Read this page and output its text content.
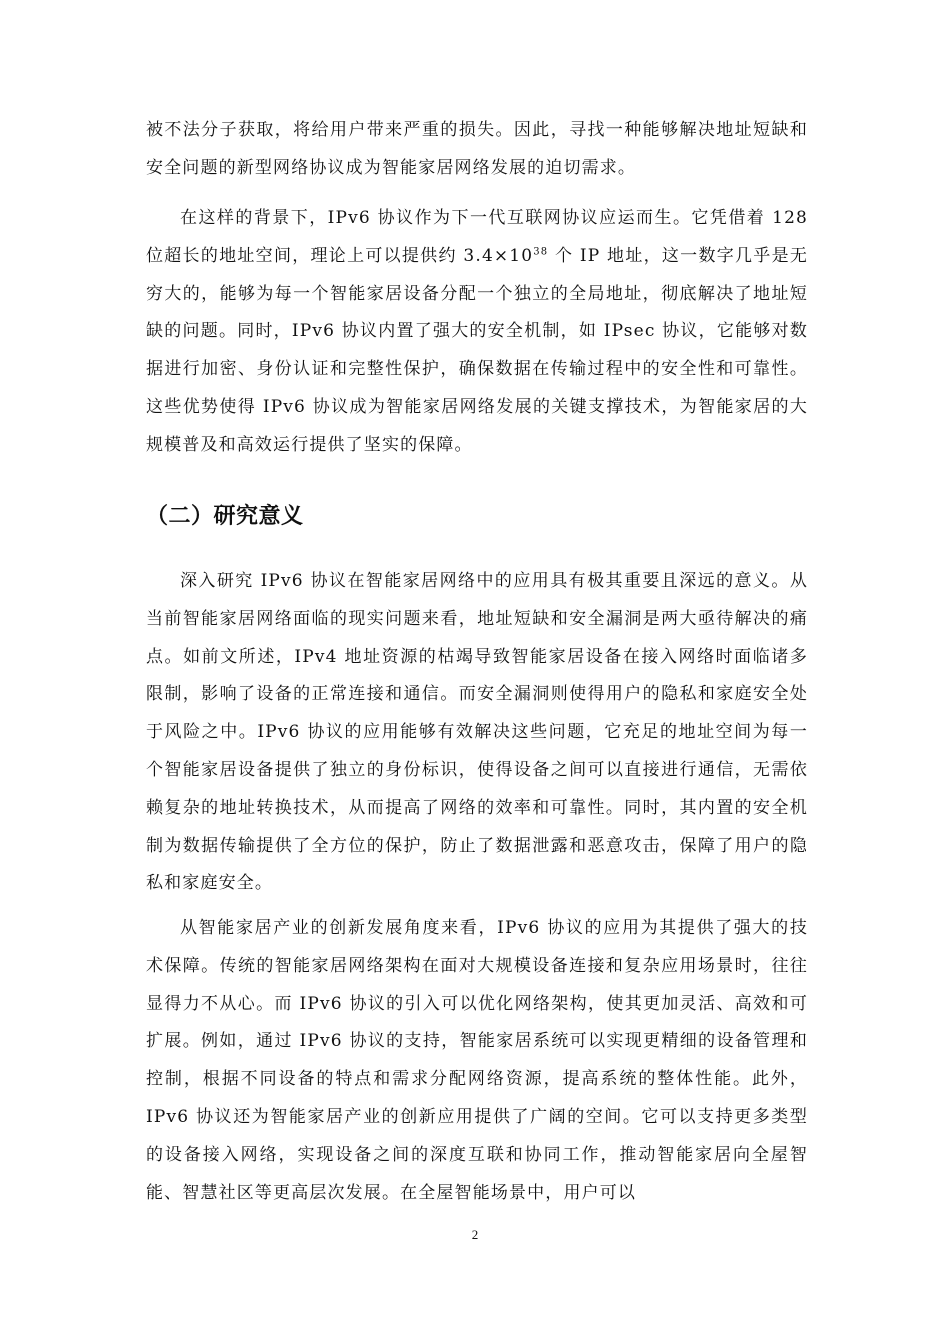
被不法分子获取，将给用户带来严重的损失。因此，寻找一种能够解决地址短缺和安全问题的新型网络协议成为智能家居网络发展的迫切需求。

在这样的背景下，IPv6 协议作为下一代互联网协议应运而生。它凭借着 128 位超长的地址空间，理论上可以提供约 $3.4\times 10^{38}$ 个 IP 地址，这一数字几乎是无穷大的，能够为每一个智能家居设备分配一个独立的全局地址，彻底解决了地址短缺的问题。同时，IPv6 协议内置了强大的安全机制，如 IPsec 协议，它能够对数据进行加密、身份认证和完整性保护，确保数据在传输过程中的安全性和可靠性。这些优势使得 IPv6 协议成为智能家居网络发展的关键支撑技术，为智能家居的大规模普及和高效运行提供了坚实的保障。

（二）研究意义

深入研究 IPv6 协议在智能家居网络中的应用具有极其重要且深远的意义。从当前智能家居网络面临的现实问题来看，地址短缺和安全漏洞是两大亟待解决的痛点。如前文所述，IPv4 地址资源的枯竭导致智能家居设备在接入网络时面临诸多限制，影响了设备的正常连接和通信。而安全漏洞则使得用户的隐私和家庭安全处于风险之中。IPv6 协议的应用能够有效解决这些问题，它充足的地址空间为每一个智能家居设备提供了独立的身份标识，使得设备之间可以直接进行通信，无需依赖复杂的地址转换技术，从而提高了网络的效率和可靠性。同时，其内置的安全机制为数据传输提供了全方位的保护，防止了数据泄露和恶意攻击，保障了用户的隐私和家庭安全。

从智能家居产业的创新发展角度来看，IPv6 协议的应用为其提供了强大的技术保障。传统的智能家居网络架构在面对大规模设备连接和复杂应用场景时，往往显得力不从心。而 IPv6 协议的引入可以优化网络架构，使其更加灵活、高效和可扩展。例如，通过 IPv6 协议的支持，智能家居系统可以实现更精细的设备管理和控制，根据不同设备的特点和需求分配网络资源，提高系统的整体性能。此外，IPv6 协议还为智能家居产业的创新应用提供了广阔的空间。它可以支持更多类型的设备接入网络，实现设备之间的深度互联和协同工作，推动智能家居向全屋智能、智慧社区等更高层次发展。在全屋智能场景中，用户可以

2
